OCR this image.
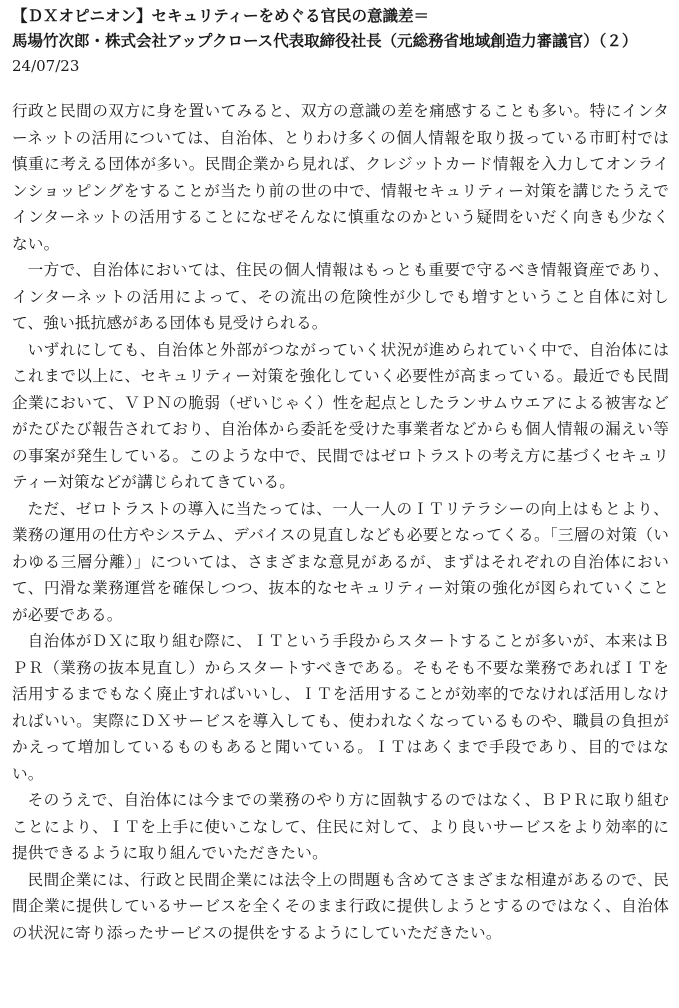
【ＤＸオピニオン】セキュリティーをめぐる官民の意識差＝
馬場竹次郎・株式会社アップクロース代表取締役社長（元総務省地域創造力審議官）（２）
24/07/23

行政と民間の双方に身を置いてみると、双方の意識の差を痛感することも多い。特にインターネットの活用については、自治体、とりわけ多くの個人情報を取り扱っている市町村では慎重に考える団体が多い。民間企業から見れば、クレジットカード情報を入力してオンラインショッピングをすることが当たり前の世の中で、情報セキュリティー対策を講じたうえでインターネットの活用することになぜそんなに慎重なのかという疑問をいだく向きも少なくない。

一方で、自治体においては、住民の個人情報はもっとも重要で守るべき情報資産であり、インターネットの活用によって、その流出の危険性が少しでも増すということ自体に対して、強い抵抗感がある団体も見受けられる。

いずれにしても、自治体と外部がつながっていく状況が進められていく中で、自治体にはこれまで以上に、セキュリティー対策を強化していく必要性が高まっている。最近でも民間企業において、ＶＰＮの脆弱（ぜいじゃく）性を起点としたランサムウエアによる被害などがたびたび報告されており、自治体から委託を受けた事業者などからも個人情報の漏えい等の事案が発生している。このような中で、民間ではゼロトラストの考え方に基づくセキュリティー対策などが講じられてきている。

ただ、ゼロトラストの導入に当たっては、一人一人のＩＴリテラシーの向上はもとより、業務の運用の仕方やシステム、デバイスの見直しなども必要となってくる。「三層の対策（いわゆる三層分離）」については、さまざまな意見があるが、まずはそれぞれの自治体において、円滑な業務運営を確保しつつ、抜本的なセキュリティー対策の強化が図られていくことが必要である。

自治体がＤＸに取り組む際に、ＩＴという手段からスタートすることが多いが、本来はＢＰＲ（業務の抜本見直し）からスタートすべきである。そもそも不要な業務であればＩＴを活用するまでもなく廃止すればいいし、ＩＴを活用することが効率的でなければ活用しなければいい。実際にＤＸサービスを導入しても、使われなくなっているものや、職員の負担がかえって増加しているものもあると聞いている。ＩＴはあくまで手段であり、目的ではない。

そのうえで、自治体には今までの業務のやり方に固執するのではなく、ＢＰＲに取り組むことにより、ＩＴを上手に使いこなして、住民に対して、より良いサービスをより効率的に提供できるように取り組んでいただきたい。

民間企業には、行政と民間企業には法令上の問題も含めてさまざまな相違があるので、民間企業に提供しているサービスを全くそのまま行政に提供しようとするのではなく、自治体の状況に寄り添ったサービスの提供をするようにしていただきたい。
